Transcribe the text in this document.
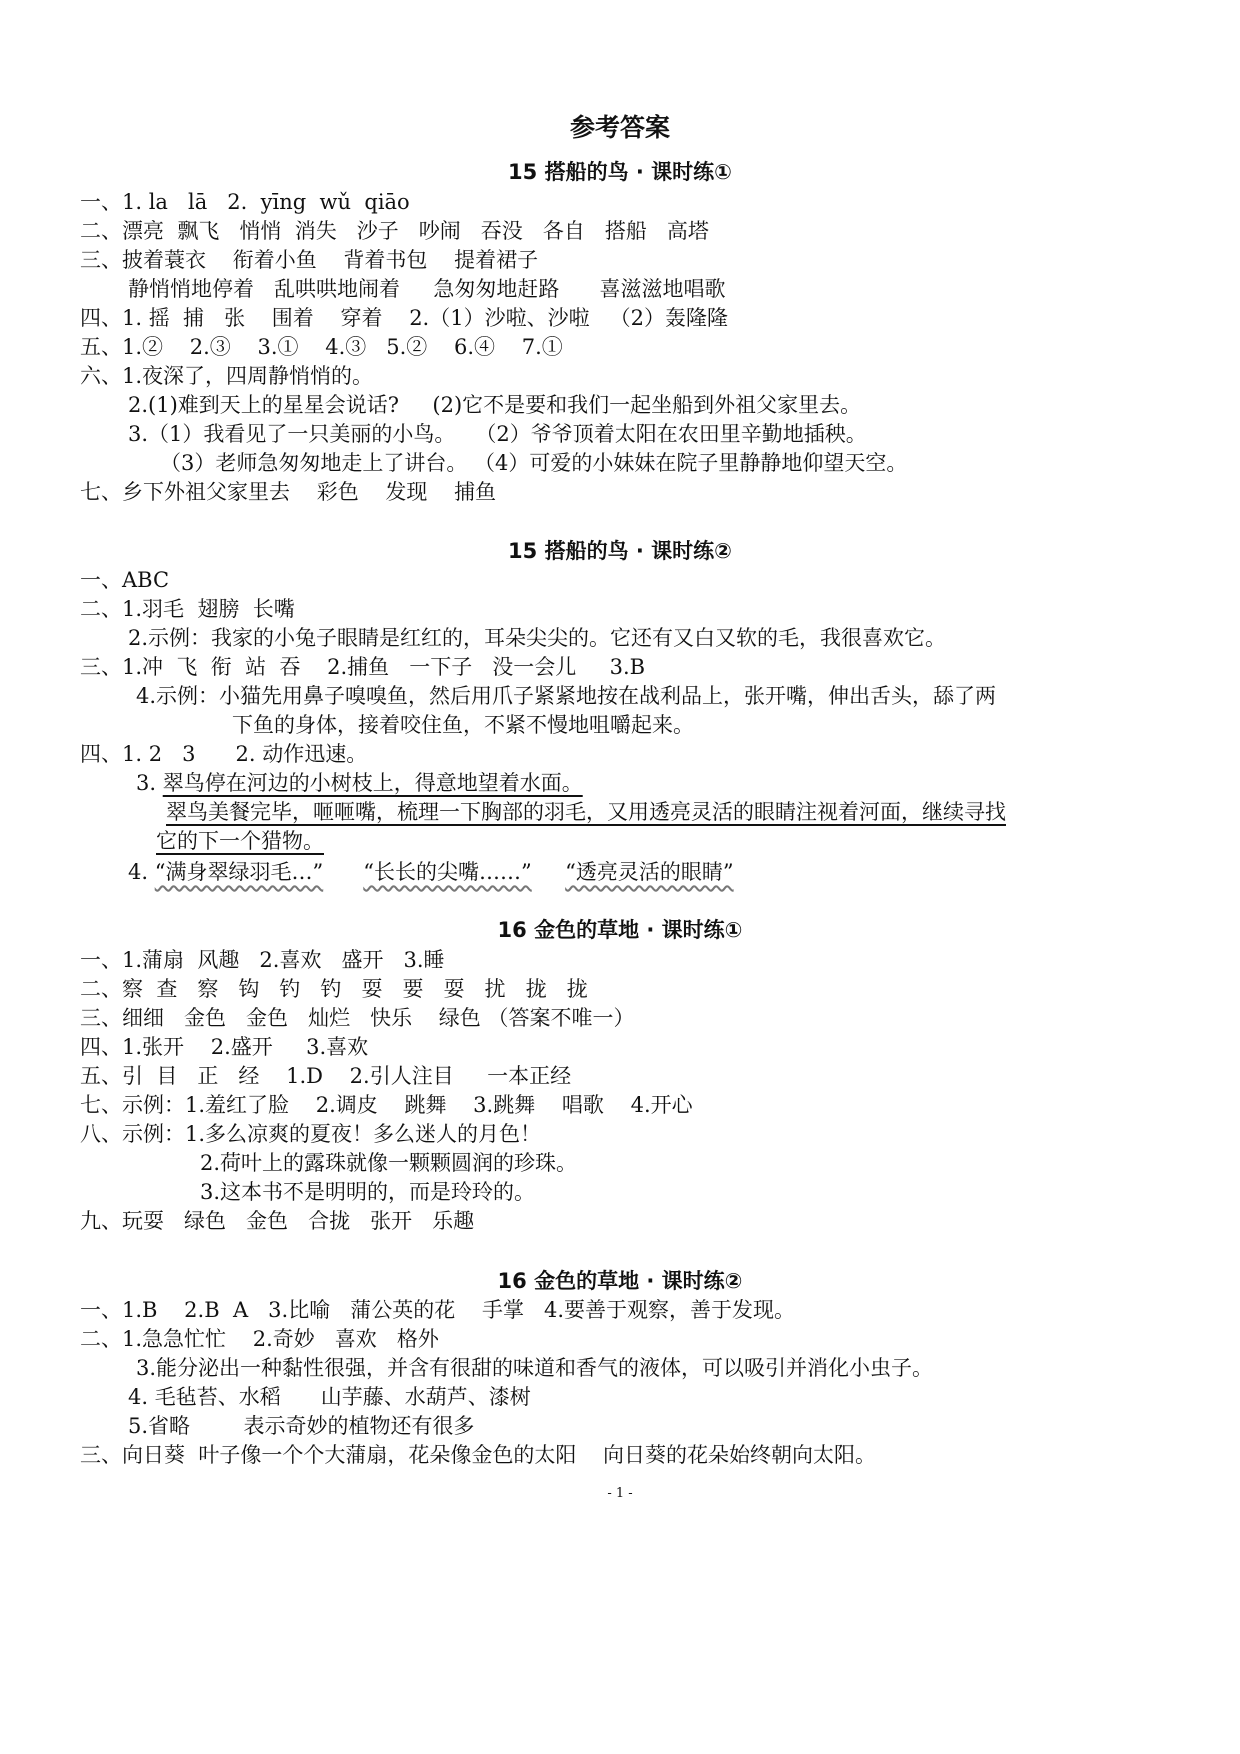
参考答案
15 搭船的鸟 · 课时练①
一、1. la   lā   2.  yīng  wǔ  qiāo
二、漂亮  飘飞   悄悄  消失   沙子   吵闹   吞没   各自   搭船   高塔
三、披着蓑衣    衔着小鱼    背着书包    提着裙子
静悄悄地停着   乱哄哄地闹着     急匆匆地赶路      喜滋滋地唱歌
四、1. 摇  捕   张    围着    穿着    2.（1）沙啦、沙啦   （2）轰隆隆
五、1.②    2.③    3.①    4.③   5.②    6.④    7.①
六、1.夜深了，四周静悄悄的。
2.(1)难到天上的星星会说话?     (2)它不是要和我们一起坐船到外祖父家里去。
3.（1）我看见了一只美丽的小鸟。   （2）爷爷顶着太阳在农田里辛勤地插秧。
（3）老师急匆匆地走上了讲台。 （4）可爱的小妹妹在院子里静静地仰望天空。
七、乡下外祖父家里去    彩色    发现    捕鱼
15 搭船的鸟 · 课时练②
一、ABC
二、1.羽毛  翅膀  长嘴
2.示例：我家的小兔子眼睛是红红的，耳朵尖尖的。它还有又白又软的毛，我很喜欢它。
三、1.冲  飞  衔  站  吞    2.捕鱼   一下子   没一会儿     3.B
4.示例：小猫先用鼻子嗅嗅鱼，然后用爪子紧紧地按在战利品上，张开嘴，伸出舌头，舔了两
下鱼的身体，接着咬住鱼，不紧不慢地咀嚼起来。
四、1. 2   3      2. 动作迅速。
3. 翠鸟停在河边的小树枝上，得意地望着水面。
翠鸟美餐完毕，咂咂嘴，梳理一下胸部的羽毛，又用透亮灵活的眼睛注视着河面，继续寻找
它的下一个猎物。
4. “满身翠绿羽毛…” “长长的尖嘴……” “透亮灵活的眼睛”
16 金色的草地 · 课时练①
一、1.蒲扇  风趣   2.喜欢   盛开   3.睡
二、察  查   察   钩   钓   钓   耍   要   耍   扰   拢   拢
三、细细   金色   金色   灿烂   快乐    绿色 （答案不唯一）
四、1.张开    2.盛开     3.喜欢
五、引  目   正   经    1.D    2.引人注目     一本正经
七、示例：1.羞红了脸    2.调皮    跳舞    3.跳舞    唱歌    4.开心
八、示例：1.多么凉爽的夏夜！多么迷人的月色！
2.荷叶上的露珠就像一颗颗圆润的珍珠。
3.这本书不是明明的，而是玲玲的。
九、玩耍   绿色   金色   合拢   张开   乐趣
16 金色的草地 · 课时练②
一、1.B    2.B  A   3.比喻   蒲公英的花    手掌   4.要善于观察，善于发现。
二、1.急急忙忙    2.奇妙   喜欢   格外
3.能分泌出一种黏性很强，并含有很甜的味道和香气的液体，可以吸引并消化小虫子。
4. 毛毡苔、水稻      山芋藤、水葫芦、漆树
5.省略        表示奇妙的植物还有很多
三、向日葵  叶子像一个个大蒲扇，花朵像金色的太阳    向日葵的花朵始终朝向太阳。
- 1 -
